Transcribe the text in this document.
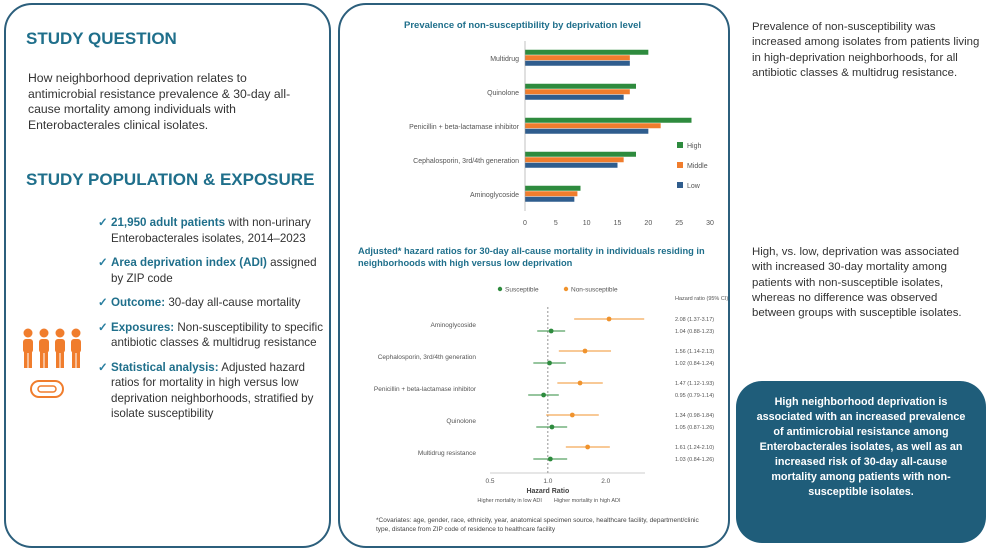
STUDY QUESTION
How neighborhood deprivation relates to antimicrobial resistance prevalence & 30-day all-cause mortality among individuals with Enterobacterales clinical isolates.
STUDY POPULATION & EXPOSURE
✓ 21,950 adult patients with non-urinary Enterobacterales isolates, 2014–2023
✓ Area deprivation index (ADI) assigned by ZIP code
✓ Outcome: 30-day all-cause mortality
✓ Exposures: Non-susceptibility to specific antibiotic classes & multidrug resistance
✓ Statistical analysis: Adjusted hazard ratios for mortality in high versus low deprivation neighborhoods, stratified by isolate susceptibility
Prevalence of non-susceptibility by deprivation level
Multidrug
Quinolone
Penicillin + beta-lactamase inhibitor
Cephalosporin, 3rd/4th generation
Aminoglycoside
0	5	10	15	20	25	30
High
Middle
Low
Adjusted* hazard ratios for 30-day all-cause mortality in individuals residing in neighborhoods with high versus low deprivation
Susceptible	Non-susceptible
Hazard ratio (95% CI)
Aminoglycoside
2.08 (1.37-3.17)
1.04 (0.88-1.23)
Cephalosporin, 3rd/4th generation
1.56 (1.14-2.13)
1.02 (0.84-1.24)
Penicillin + beta-lactamase inhibitor
1.47 (1.12-1.93)
0.95 (0.79-1.14)
Quinolone
1.34 (0.98-1.84)
1.05 (0.87-1.26)
Multidrug resistance
1.61 (1.24-2.10)
1.03 (0.84-1.26)
0.5	1.0	2.0
Hazard Ratio
Higher mortality in low ADI Higher mortality in high ADI
*Covariates: age, gender, race, ethnicity, year, anatomical specimen source, healthcare facility, department/clinic type, distance from ZIP code of residence to healthcare facility
Prevalence of non-susceptibility was increased among isolates from patients living in high-deprivation neighborhoods, for all antibiotic classes & multidrug resistance.
High, vs. low, deprivation was associated with increased 30-day mortality among patients with non-susceptible isolates, whereas no difference was observed between groups with susceptible isolates.
High neighborhood deprivation is associated with an increased prevalence of antimicrobial resistance among Enterobacterales isolates, as well as an increased risk of 30-day all-cause mortality among patients with non-susceptible isolates.
